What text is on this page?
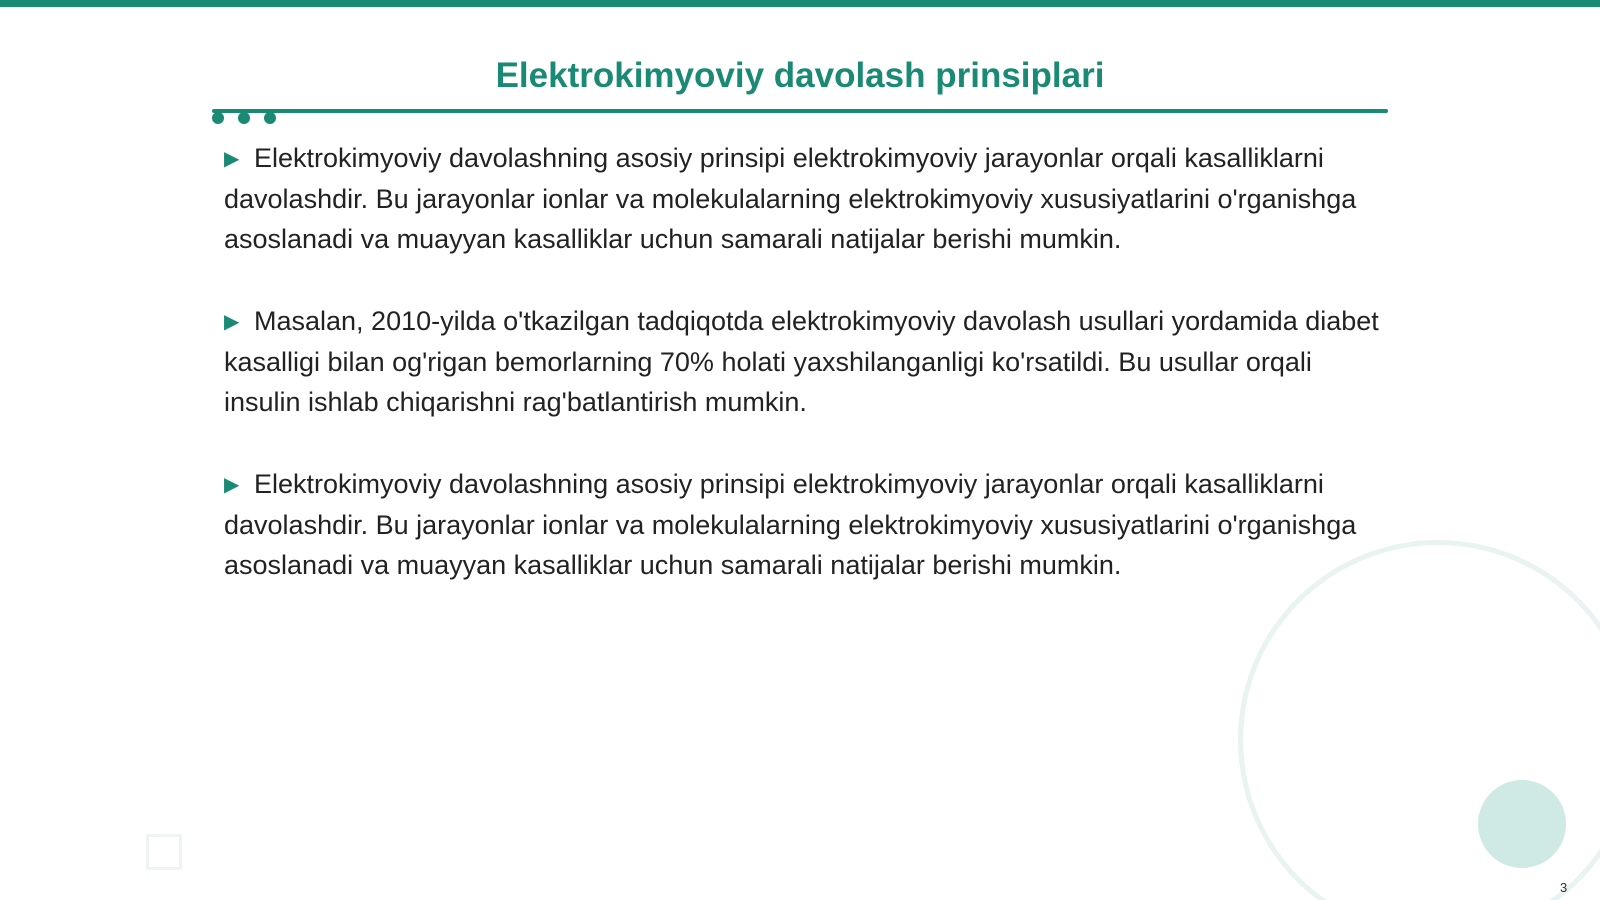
Elektrokimyoviy davolash prinsiplari

▶ Elektrokimyoviy davolashning asosiy prinsipi elektrokimyoviy jarayonlar orqali kasalliklarni davolashdir. Bu jarayonlar ionlar va molekulalarning elektrokimyoviy xususiyatlarini o'rganishga asoslanadi va muayyan kasalliklar uchun samarali natijalar berishi mumkin.

▶ Masalan, 2010-yilda o'tkazilgan tadqiqotda elektrokimyoviy davolash usullari yordamida diabet kasalligi bilan og'rigan bemorlarning 70% holati yaxshilanganligi ko'rsatildi. Bu usullar orqali insulin ishlab chiqarishni rag'batlantirish mumkin.

▶ Elektrokimyoviy davolashning asosiy prinsipi elektrokimyoviy jarayonlar orqali kasalliklarni davolashdir. Bu jarayonlar ionlar va molekulalarning elektrokimyoviy xususiyatlarini o'rganishga asoslanadi va muayyan kasalliklar uchun samarali natijalar berishi mumkin.

3
